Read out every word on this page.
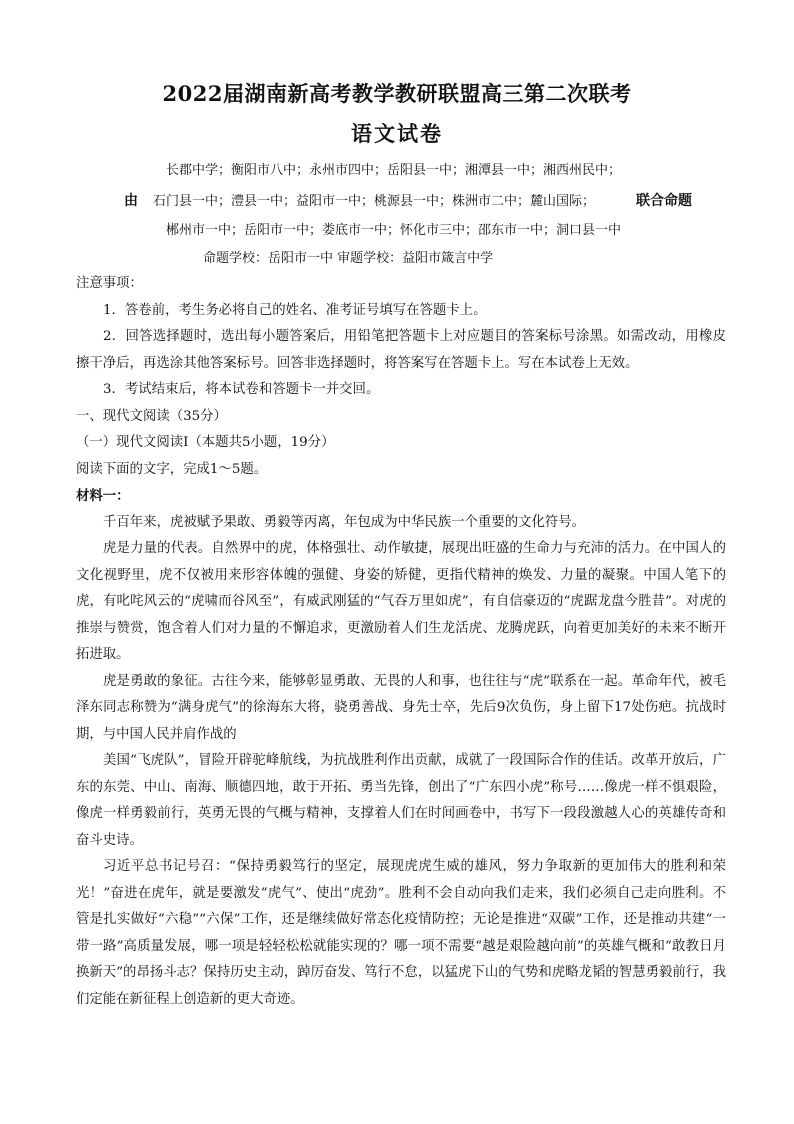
2022届湖南新高考教学教研联盟高三第二次联考
语文试卷
长郡中学；衡阳市八中；永州市四中；岳阳县一中；湘潭县一中；湘西州民中；
石门县一中；澧县一中；益阳市一中；桃源县一中；株洲市二中；麓山国际；
郴州市一中；岳阳市一中；娄底市一中；怀化市三中；邵东市一中；洞口县一中
命题学校：岳阳市一中 审题学校：益阳市箴言中学
由	联合命题

注意事项：

1．答卷前，考生务必将自己的姓名、准考证号填写在答题卡上。

2．回答选择题时，选出每小题答案后，用铅笔把答题卡上对应题目的答案标号涂黑。如需改动，用橡皮擦干净后，再选涂其他答案标号。回答非选择题时，将答案写在答题卡上。写在本试卷上无效。

3．考试结束后，将本试卷和答题卡一并交回。

一、现代文阅读（35分）

（一）现代文阅读Ⅰ（本题共5小题，19分）

阅读下面的文字，完成1～5题。

材料一：

千百年来，虎被赋予果敢、勇毅等丙离，年包成为中华民族一个重要的文化符号。

虎是力量的代表。自然界中的虎，体格强壮、动作敏捷，展现出旺盛的生命力与充沛的活力。在中国人的文化视野里，虎不仅被用来形容体魄的强健、身姿的矫健，更指代精神的焕发、力量的凝聚。中国人笔下的虎，有叱咤风云的“虎啸而谷风至”，有威武刚猛的“气吞万里如虎”，有自信豪迈的“虎踞龙盘今胜昔”。对虎的推崇与赞赏，饱含着人们对力量的不懈追求，更激励着人们生龙活虎、龙腾虎跃，向着更加美好的未来不断开拓进取。

虎是勇敢的象征。古往今来，能够彰显勇敢、无畏的人和事，也往往与“虎”联系在一起。革命年代，被毛泽东同志称赞为“满身虎气”的徐海东大将，骁勇善战、身先士卒，先后9次负伤，身上留下17处伤疤。抗战时期，与中国人民并肩作战的

美国“飞虎队”，冒险开辟驼峰航线，为抗战胜利作出贡献，成就了一段国际合作的佳话。改革开放后，广东的东莞、中山、南海、顺德四地，敢于开拓、勇当先锋，创出了“广东四小虎”称号……像虎一样不惧艰险，像虎一样勇毅前行，英勇无畏的气概与精神，支撑着人们在时间画卷中，书写下一段段激越人心的英雄传奇和奋斗史诗。

习近平总书记号召：“保持勇毅笃行的坚定，展现虎虎生威的雄风，努力争取新的更加伟大的胜利和荣光！”奋进在虎年，就是要激发“虎气”、使出“虎劲”。胜利不会自动向我们走来，我们必须自己走向胜利。不管是扎实做好“六稳”“六保”工作，还是继续做好常态化疫情防控；无论是推进“双碳”工作，还是推动共建“一带一路”高质量发展，哪一项是轻轻松松就能实现的？哪一项不需要“越是艰险越向前”的英雄气概和“敢教日月换新天”的昂扬斗志？保持历史主动，踔厉奋发、笃行不怠，以猛虎下山的气势和虎略龙韬的智慧勇毅前行，我们定能在新征程上创造新的更大奇迹。
